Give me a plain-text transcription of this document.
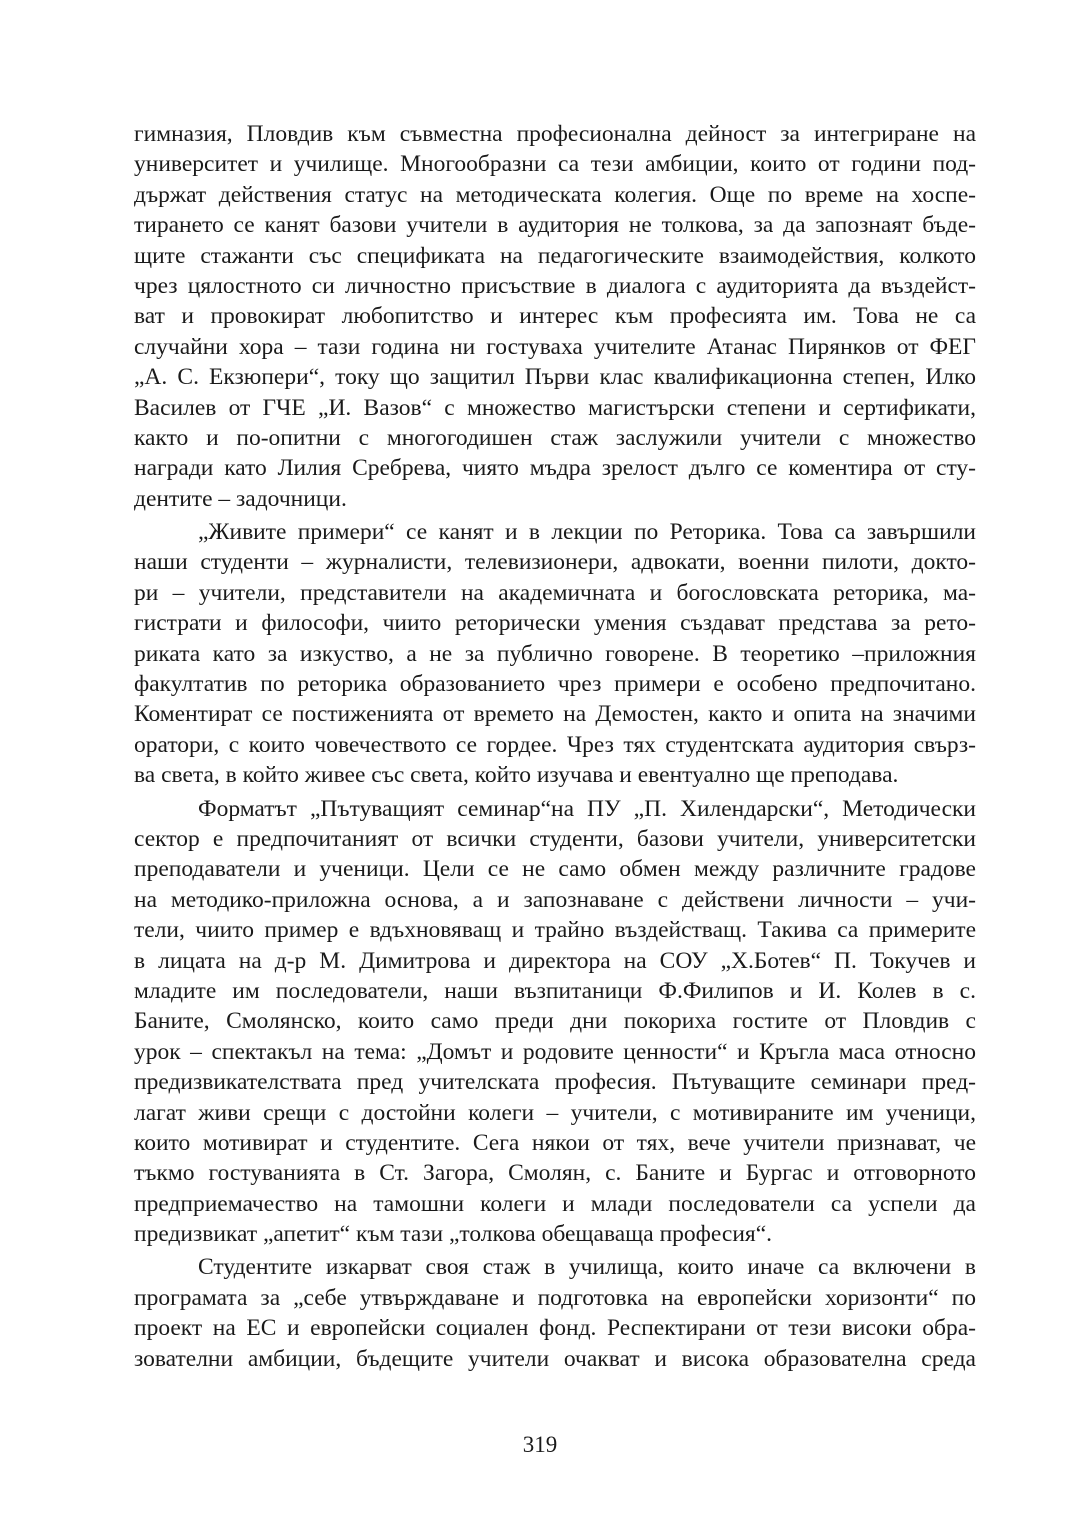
гимназия, Пловдив към съвместна професионална дейност за интегриране на
университет и училище. Многообразни са тези амбиции, които от години под-
държат действения статус на методическата колегия. Още по време на хоспе-
тирането се канят базови учители в аудитория не толкова, за да запознаят бъде-
щите стажанти със спецификата на педагогическите взаимодействия, колкото
чрез цялостното си личностно присъствие в диалога с аудиторията да въздейст-
ват и провокират любопитство и интерес към професията им. Това не са
случайни хора – тази година ни гостуваха учителите Атанас Пирянков от ФЕГ
„А. С. Екзюпери“, току що защитил Първи клас квалификационна степен, Илко
Василев от ГЧЕ „И. Вазов“ с множество магистърски степени и сертификати,
както и по-опитни с многогодишен стаж заслужили учители с множество
награди като Лилия Сребрева, чиято мъдра зрелост дълго се коментира от сту-
дентите – задочници.
„Живите примери“ се канят и в лекции по Реторика. Това са завършили
наши студенти – журналисти, телевизионери, адвокати, военни пилоти, докто-
ри – учители, представители на академичната и богословската реторика, ма-
гистрати и философи, чиито реторически умения създават представа за рето-
риката като за изкуство, а не за публично говорене. В теоретико –приложния
факултатив по реторика образованието чрез примери е особено предпочитано.
Коментират се постиженията от времето на Демостен, както и опита на значими
оратори, с които човечеството се гордее. Чрез тях студентската аудитория свърз-
ва света, в който живее със света, който изучава и евентуално ще преподава.
Форматът „Пътуващият семинар“на ПУ „П. Хилендарски“, Методически
сектор е предпочитаният от всички студенти, базови учители, университетски
преподаватели и ученици. Цели се не само обмен между различните градове
на методико-приложна основа, а и запознаване с действени личности – учи-
тели, чиито пример е вдъхновяващ и трайно въздействащ. Такива са примерите
в лицата на д-р М. Димитрова и директора на СОУ „Х.Ботев“ П. Токучев и
младите им последователи, наши възпитаници Ф.Филипов и И. Колев в с.
Баните, Смолянско, които само преди дни покориха гостите от Пловдив с
урок – спектакъл на тема: „Домът и родовите ценности“ и Кръгла маса относно
предизвикателствата пред учителската професия. Пътуващите семинари пред-
лагат живи срещи с достойни колеги – учители, с мотивираните им ученици,
които мотивират и студентите. Сега някои от тях, вече учители признават, че
тъкмо гостуванията в Ст. Загора, Смолян, с. Баните и Бургас и отговорното
предприемачество на тамошни колеги и млади последователи са успели да
предизвикат „апетит“ към тази „толкова обещаваща професия“.
Студентите изкарват своя стаж в училища, които иначе са включени в
програмата за „себе утвърждаване и подготовка на европейски хоризонти“ по
проект на ЕС и европейски социален фонд. Респектирани от тези високи обра-
зователни амбиции, бъдещите учители очакват и висока образователна среда
319
